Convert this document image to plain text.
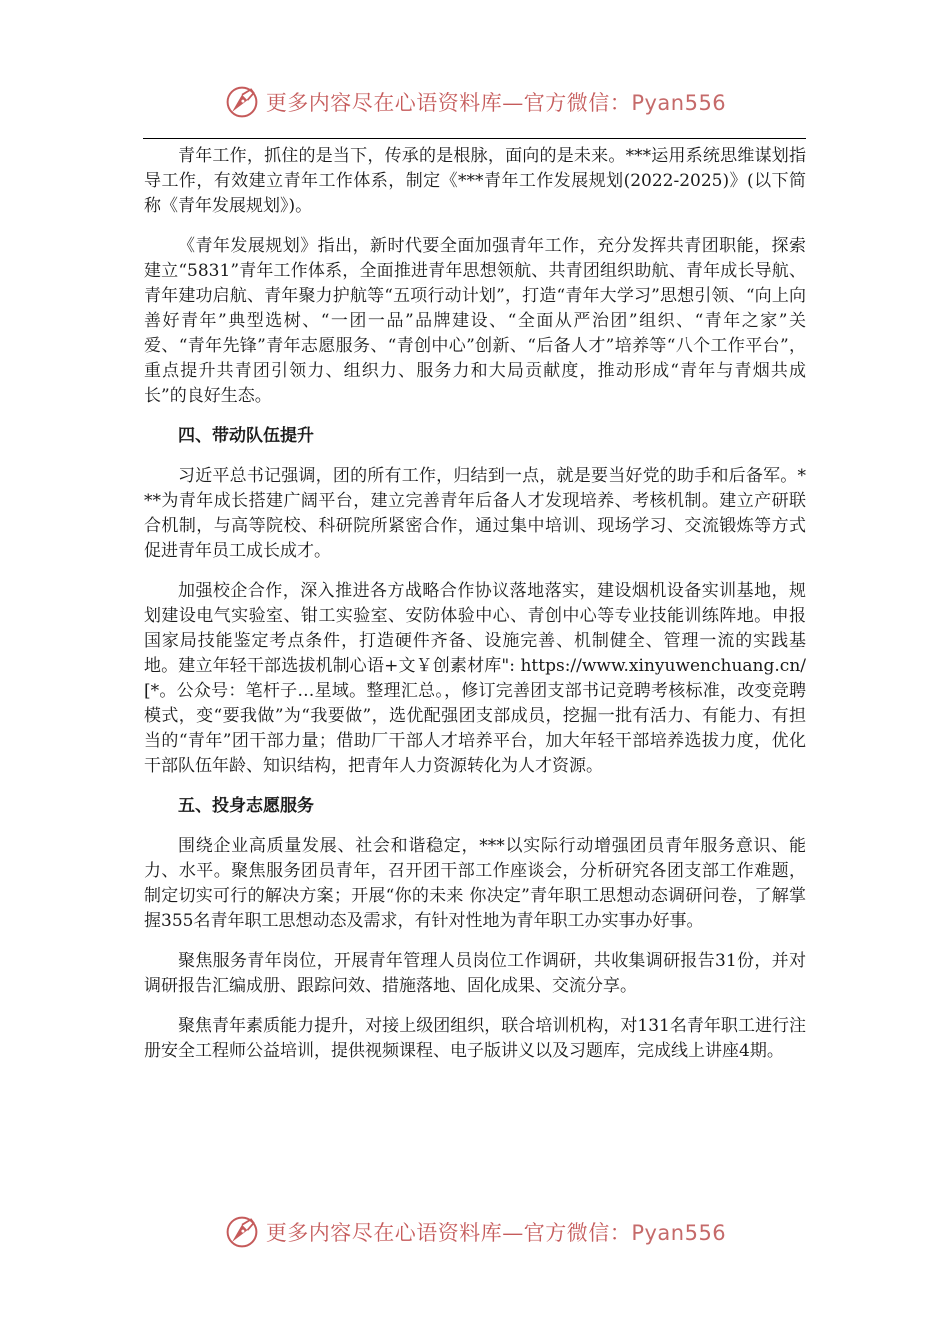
更多内容尽在心语资料库—官方微信：Pyan556

青年工作，抓住的是当下，传承的是根脉，面向的是未来。***运用系统思维谋划指导工作，有效建立青年工作体系，制定《***青年工作发展规划(2022-2025)》(以下简称《青年发展规划》)。

《青年发展规划》指出，新时代要全面加强青年工作，充分发挥共青团职能，探索建立“5831”青年工作体系，全面推进青年思想领航、共青团组织助航、青年成长导航、青年建功启航、青年聚力护航等“五项行动计划”，打造“青年大学习”思想引领、“向上向善好青年”典型选树、“一团一品”品牌建设、“全面从严治团”组织、“青年之家”关爱、“青年先锋”青年志愿服务、“青创中心”创新、“后备人才”培养等“八个工作平台”，重点提升共青团引领力、组织力、服务力和大局贡献度，推动形成“青年与青烟共成长”的良好生态。

四、带动队伍提升

习近平总书记强调，团的所有工作，归结到一点，就是要当好党的助手和后备军。***为青年成长搭建广阔平台，建立完善青年后备人才发现培养、考核机制。建立产研联合机制，与高等院校、科研院所紧密合作，通过集中培训、现场学习、交流锻炼等方式促进青年员工成长成才。

加强校企合作，深入推进各方战略合作协议落地落实，建设烟机设备实训基地，规划建设电气实验室、钳工实验室、安防体验中心、青创中心等专业技能训练阵地。申报国家局技能鉴定考点条件，打造硬件齐备、设施完善、机制健全、管理一流的实践基地。建立年轻干部选拔机制心语+文￥创素材库": https://www.xinyuwenchuang.cn/[*。公众号：笔杆子…星域。整理汇总。，修订完善团支部书记竞聘考核标准，改变竞聘模式，变“要我做”为“我要做”，选优配强团支部成员，挖掘一批有活力、有能力、有担当的“青年”团干部力量；借助厂干部人才培养平台，加大年轻干部培养选拔力度，优化干部队伍年龄、知识结构，把青年人力资源转化为人才资源。

五、投身志愿服务

围绕企业高质量发展、社会和谐稳定，***以实际行动增强团员青年服务意识、能力、水平。聚焦服务团员青年，召开团干部工作座谈会，分析研究各团支部工作难题，制定切实可行的解决方案；开展“你的未来 你决定”青年职工思想动态调研问卷，了解掌握355名青年职工思想动态及需求，有针对性地为青年职工办实事办好事。

聚焦服务青年岗位，开展青年管理人员岗位工作调研，共收集调研报告31份，并对调研报告汇编成册、跟踪问效、措施落地、固化成果、交流分享。

聚焦青年素质能力提升，对接上级团组织，联合培训机构，对131名青年职工进行注册安全工程师公益培训，提供视频课程、电子版讲义以及习题库，完成线上讲座4期。

更多内容尽在心语资料库—官方微信：Pyan556
